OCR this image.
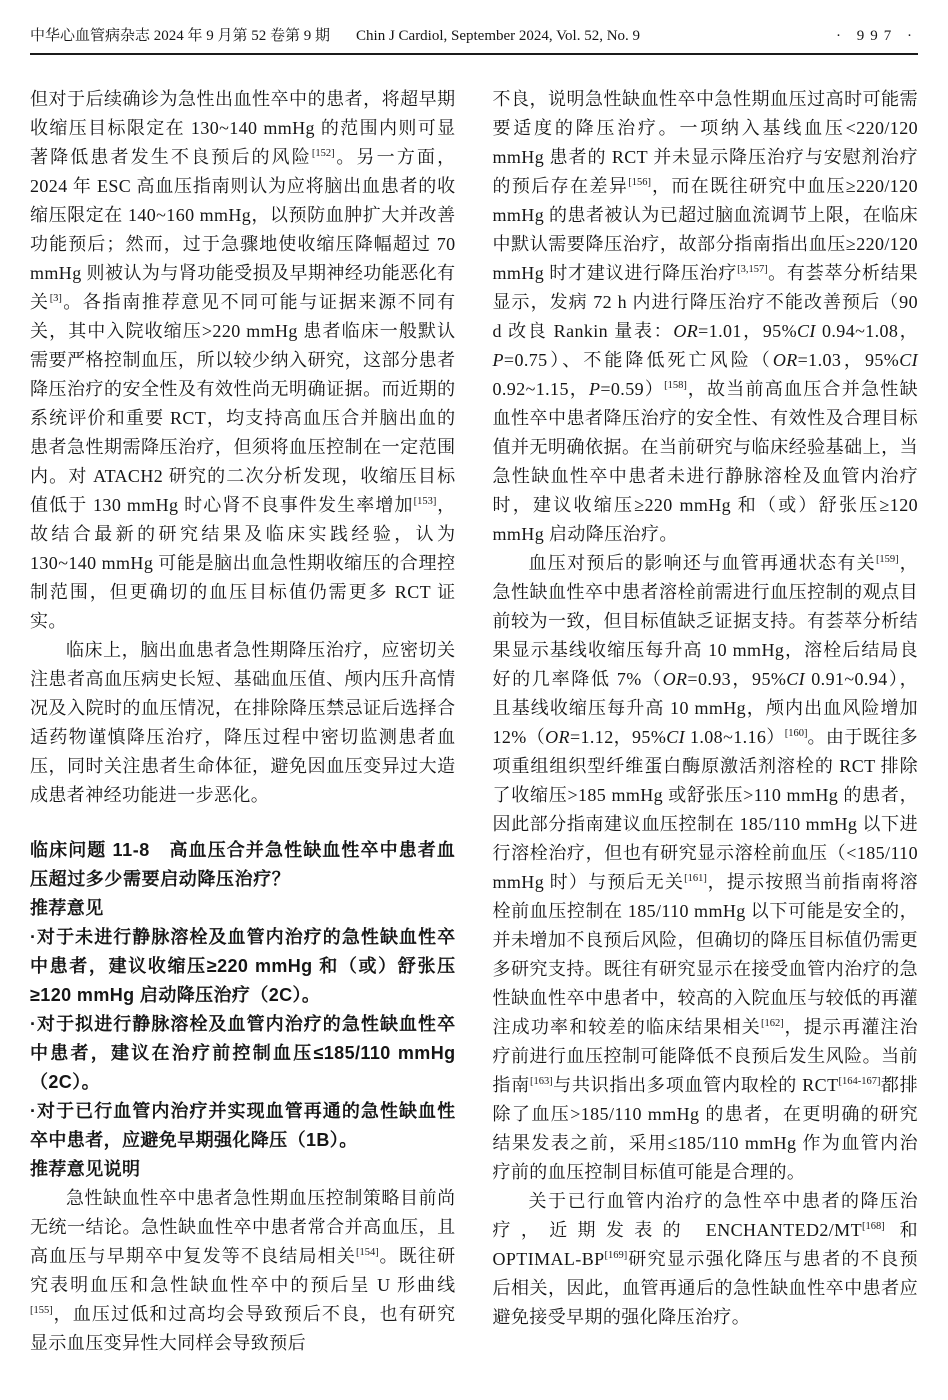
中华心血管病杂志 2024 年 9 月第 52 卷第 9 期 Chin J Cardiol, September 2024, Vol. 52, No. 9	· 997 ·

但对于后续确诊为急性出血性卒中的患者，将超早期收缩压目标限定在 130~140 mmHg 的范围内则可显著降低患者发生不良预后的风险[152]。另一方面，2024 年 ESC 高血压指南则认为应将脑出血患者的收缩压限定在 140~160 mmHg，以预防血肿扩大并改善功能预后；然而，过于急骤地使收缩压降幅超过 70 mmHg 则被认为与肾功能受损及早期神经功能恶化有关[3]。各指南推荐意见不同可能与证据来源不同有关，其中入院收缩压>220 mmHg 患者临床一般默认需要严格控制血压，所以较少纳入研究，这部分患者降压治疗的安全性及有效性尚无明确证据。而近期的系统评价和重要 RCT，均支持高血压合并脑出血的患者急性期需降压治疗，但须将血压控制在一定范围内。对 ATACH2 研究的二次分析发现，收缩压目标值低于 130 mmHg 时心肾不良事件发生率增加[153]，故结合最新的研究结果及临床实践经验，认为 130~140 mmHg 可能是脑出血急性期收缩压的合理控制范围，但更确切的血压目标值仍需更多 RCT 证实。

临床上，脑出血患者急性期降压治疗，应密切关注患者高血压病史长短、基础血压值、颅内压升高情况及入院时的血压情况，在排除降压禁忌证后选择合适药物谨慎降压治疗，降压过程中密切监测患者血压，同时关注患者生命体征，避免因血压变异过大造成患者神经功能进一步恶化。

临床问题 11-8　高血压合并急性缺血性卒中患者血压超过多少需要启动降压治疗？

推荐意见

·对于未进行静脉溶栓及血管内治疗的急性缺血性卒中患者，建议收缩压≥220 mmHg 和（或）舒张压≥120 mmHg 启动降压治疗（2C）。

·对于拟进行静脉溶栓及血管内治疗的急性缺血性卒中患者，建议在治疗前控制血压≤185/110 mmHg（2C）。

·对于已行血管内治疗并实现血管再通的急性缺血性卒中患者，应避免早期强化降压（1B）。

推荐意见说明

急性缺血性卒中患者急性期血压控制策略目前尚无统一结论。急性缺血性卒中患者常合并高血压，且高血压与早期卒中复发等不良结局相关[154]。既往研究表明血压和急性缺血性卒中的预后呈 U 形曲线[155]，血压过低和过高均会导致预后不良，也有研究显示血压变异性大同样会导致预后

不良，说明急性缺血性卒中急性期血压过高时可能需要适度的降压治疗。一项纳入基线血压<220/120 mmHg 患者的 RCT 并未显示降压治疗与安慰剂治疗的预后存在差异[156]，而在既往研究中血压≥220/120 mmHg 的患者被认为已超过脑血流调节上限，在临床中默认需要降压治疗，故部分指南指出血压≥220/120 mmHg 时才建议进行降压治疗[3,157]。有荟萃分析结果显示，发病 72 h 内进行降压治疗不能改善预后（90 d 改良 Rankin 量表：OR=1.01，95%CI 0.94~1.08，P=0.75）、不能降低死亡风险（OR=1.03，95%CI 0.92~1.15，P=0.59）[158]，故当前高血压合并急性缺血性卒中患者降压治疗的安全性、有效性及合理目标值并无明确依据。在当前研究与临床经验基础上，当急性缺血性卒中患者未进行静脉溶栓及血管内治疗时，建议收缩压≥220 mmHg 和（或）舒张压≥120 mmHg 启动降压治疗。

血压对预后的影响还与血管再通状态有关[159]，急性缺血性卒中患者溶栓前需进行血压控制的观点目前较为一致，但目标值缺乏证据支持。有荟萃分析结果显示基线收缩压每升高 10 mmHg，溶栓后结局良好的几率降低 7%（OR=0.93，95%CI 0.91~0.94），且基线收缩压每升高 10 mmHg，颅内出血风险增加 12%（OR=1.12，95%CI 1.08~1.16）[160]。由于既往多项重组组织型纤维蛋白酶原激活剂溶栓的 RCT 排除了收缩压>185 mmHg 或舒张压>110 mmHg 的患者，因此部分指南建议血压控制在 185/110 mmHg 以下进行溶栓治疗，但也有研究显示溶栓前血压（<185/110 mmHg 时）与预后无关[161]，提示按照当前指南将溶栓前血压控制在 185/110 mmHg 以下可能是安全的，并未增加不良预后风险，但确切的降压目标值仍需更多研究支持。既往有研究显示在接受血管内治疗的急性缺血性卒中患者中，较高的入院血压与较低的再灌注成功率和较差的临床结果相关[162]，提示再灌注治疗前进行血压控制可能降低不良预后发生风险。当前指南[163]与共识指出多项血管内取栓的 RCT[164-167]都排除了血压>185/110 mmHg 的患者，在更明确的研究结果发表之前，采用≤185/110 mmHg 作为血管内治疗前的血压控制目标值可能是合理的。

关于已行血管内治疗的急性卒中患者的降压治疗，近期发表的 ENCHANTED2/MT[168] 和 OPTIMAL-BP[169]研究显示强化降压与患者的不良预后相关，因此，血管再通后的急性缺血性卒中患者应避免接受早期的强化降压治疗。
